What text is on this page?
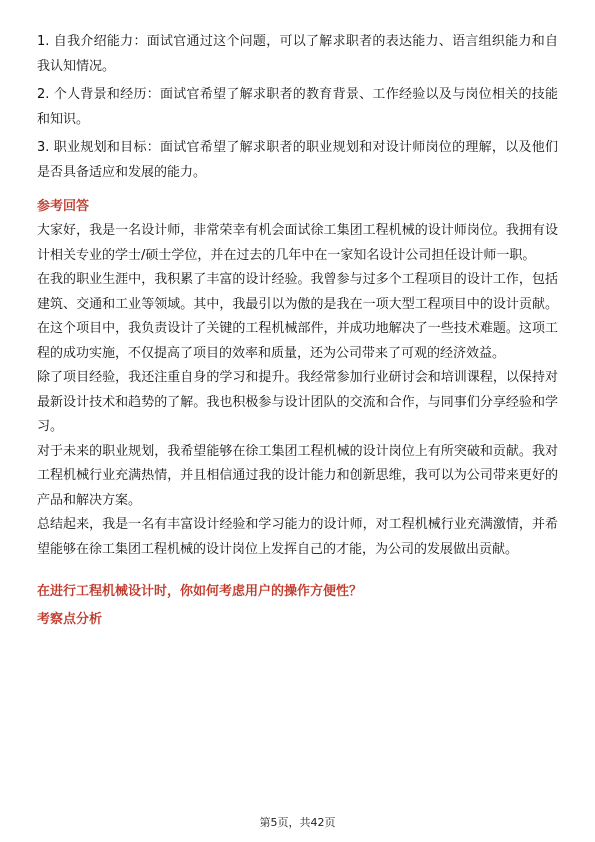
1. 自我介绍能力：面试官通过这个问题，可以了解求职者的表达能力、语言组织能力和自我认知情况。

2. 个人背景和经历：面试官希望了解求职者的教育背景、工作经验以及与岗位相关的技能和知识。

3. 职业规划和目标：面试官希望了解求职者的职业规划和对设计师岗位的理解，以及他们是否具备适应和发展的能力。

参考回答

大家好，我是一名设计师，非常荣幸有机会面试徐工集团工程机械的设计师岗位。我拥有设计相关专业的学士/硕士学位，并在过去的几年中在一家知名设计公司担任设计师一职。

在我的职业生涯中，我积累了丰富的设计经验。我曾参与过多个工程项目的设计工作，包括建筑、交通和工业等领域。其中，我最引以为傲的是我在一项大型工程项目中的设计贡献。在这个项目中，我负责设计了关键的工程机械部件，并成功地解决了一些技术难题。这项工程的成功实施，不仅提高了项目的效率和质量，还为公司带来了可观的经济效益。

除了项目经验，我还注重自身的学习和提升。我经常参加行业研讨会和培训课程，以保持对最新设计技术和趋势的了解。我也积极参与设计团队的交流和合作，与同事们分享经验和学习。

对于未来的职业规划，我希望能够在徐工集团工程机械的设计岗位上有所突破和贡献。我对工程机械行业充满热情，并且相信通过我的设计能力和创新思维，我可以为公司带来更好的产品和解决方案。

总结起来，我是一名有丰富设计经验和学习能力的设计师，对工程机械行业充满激情，并希望能够在徐工集团工程机械的设计岗位上发挥自己的才能，为公司的发展做出贡献。

在进行工程机械设计时，你如何考虑用户的操作方便性？
考察点分析
第5页，共42页
